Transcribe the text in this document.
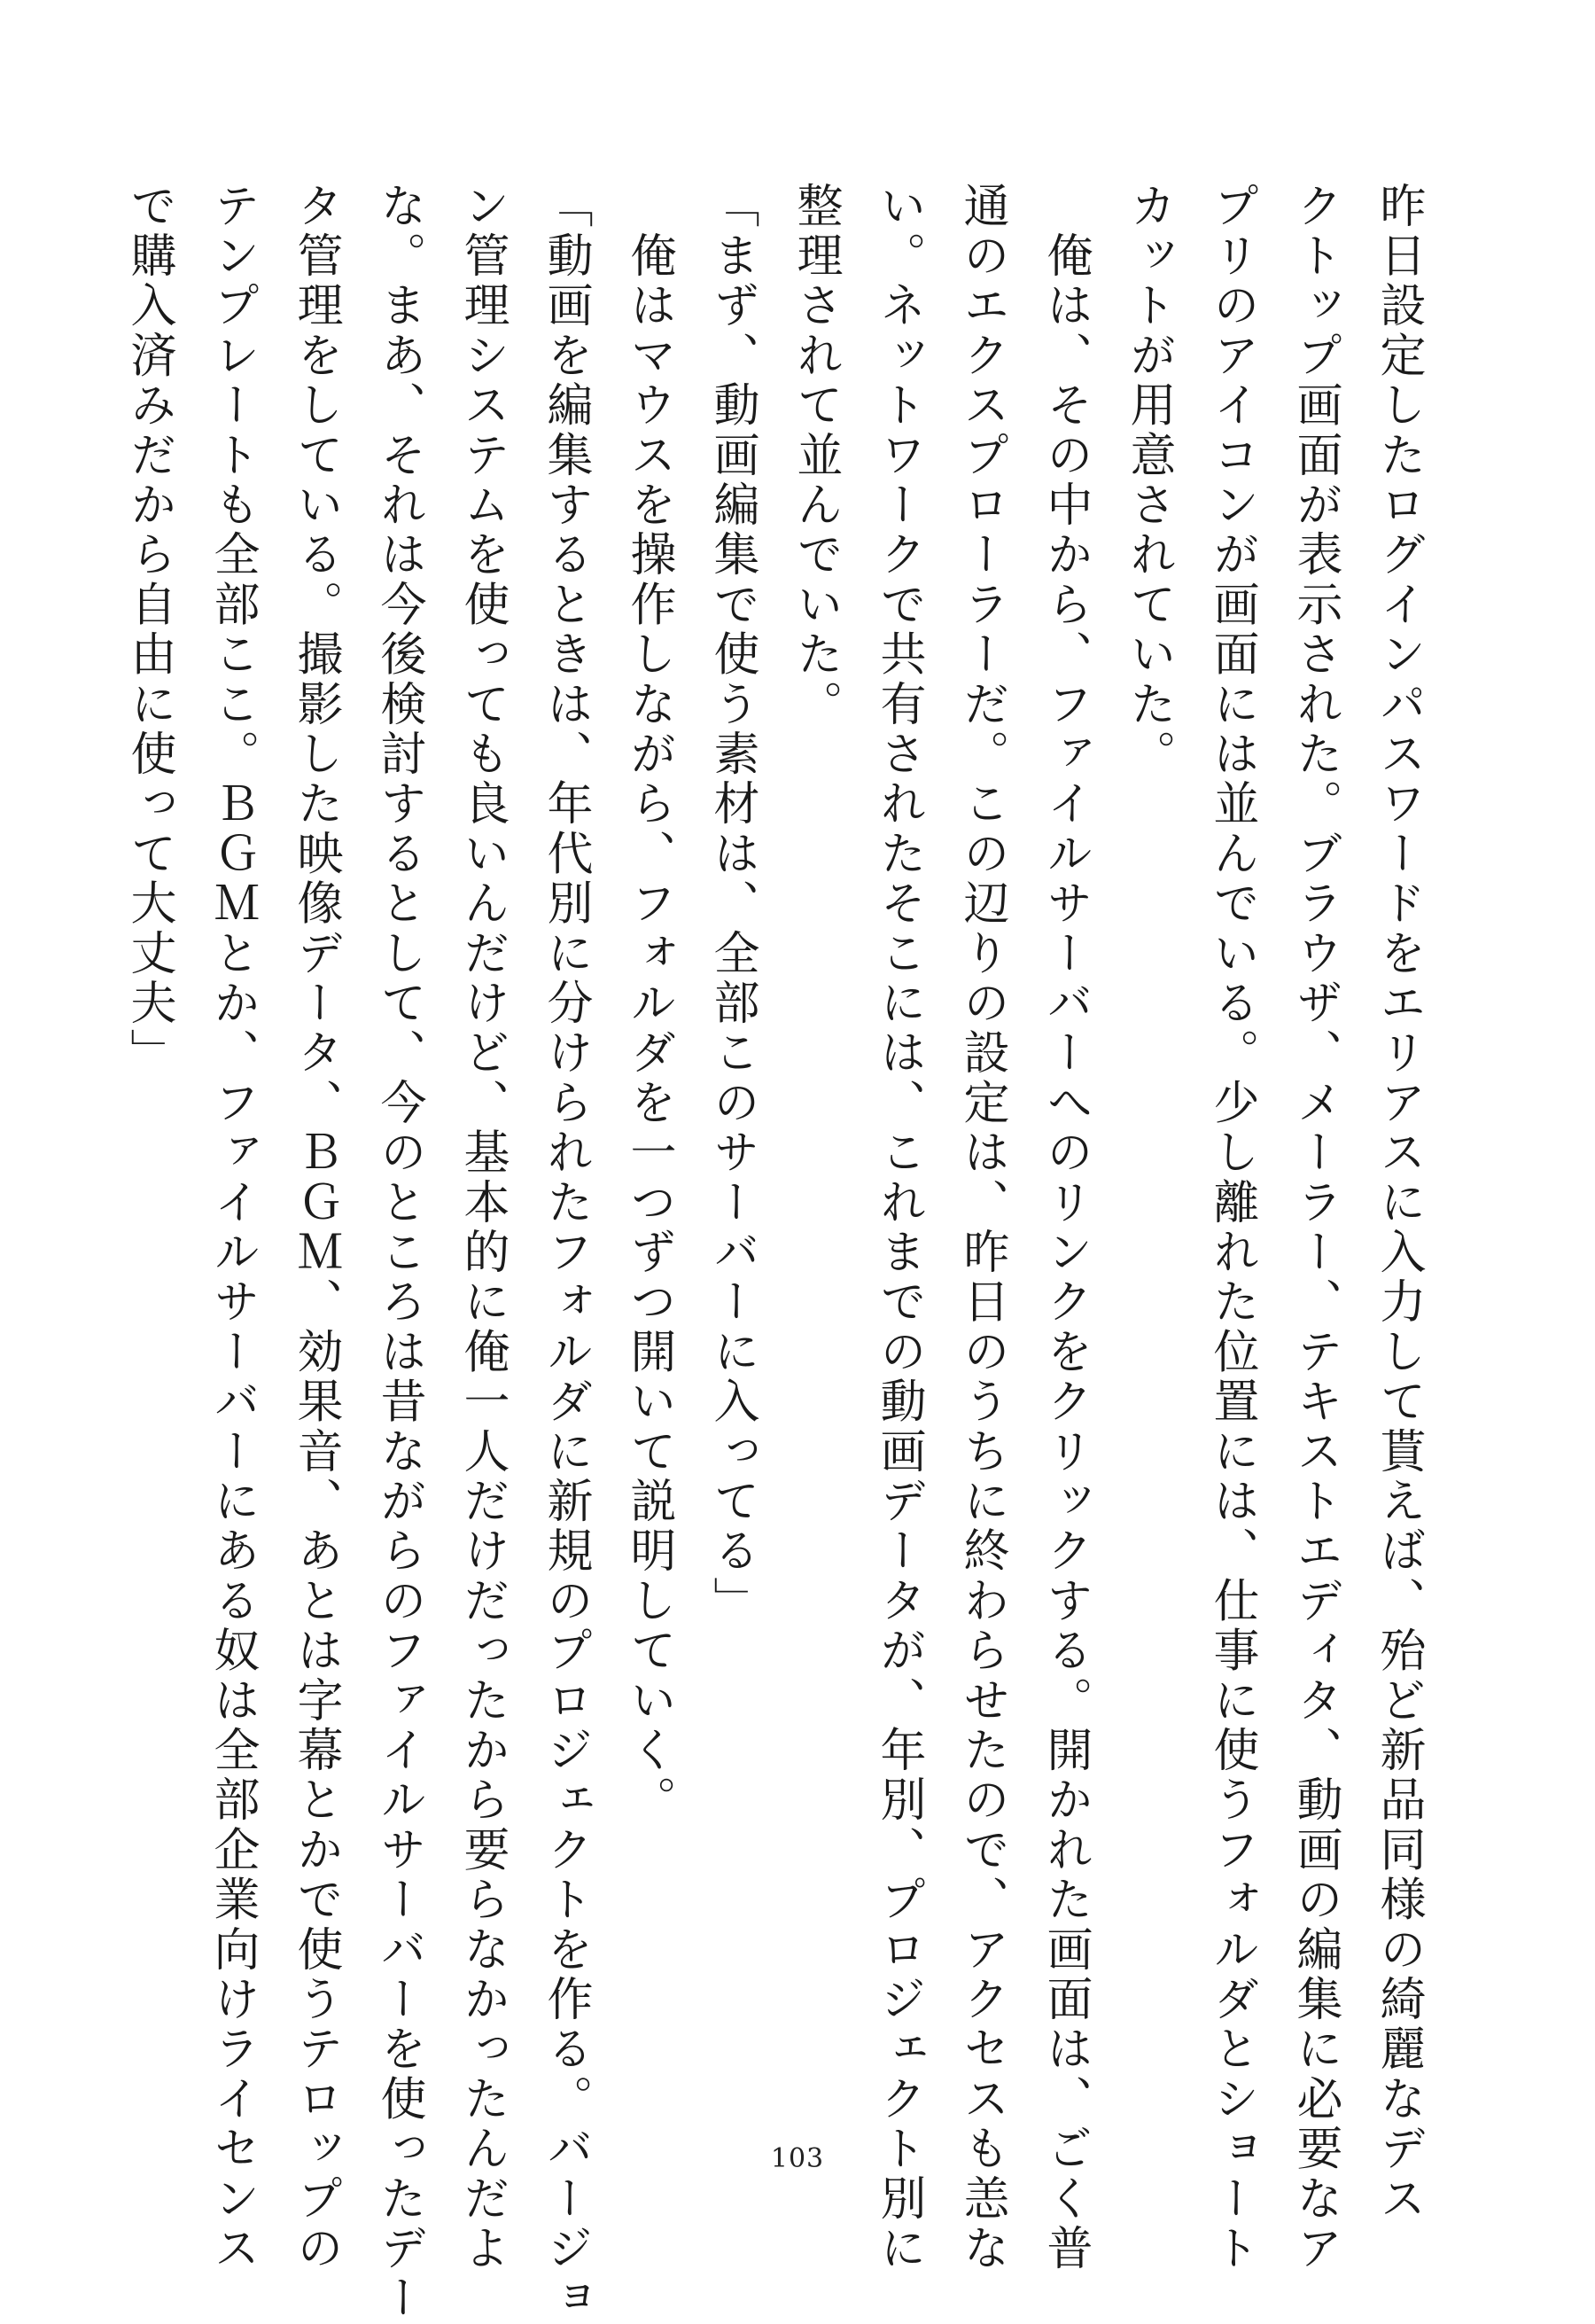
昨日設定したログインパスワードをエリアスに入力して貰えば、殆ど新品同様の綺麗なデス
クトップ画面が表示された。ブラウザ、メーラー、テキストエディタ、動画の編集に必要なア
プリのアイコンが画面には並んでいる。少し離れた位置には、仕事に使うフォルダとショート
カットが用意されていた。
　俺は、その中から、ファイルサーバーへのリンクをクリックする。開かれた画面は、ごく普
通のエクスプローラーだ。この辺りの設定は、昨日のうちに終わらせたので、アクセスも恙な
い。ネットワークで共有されたそこには、これまでの動画データが、年別、プロジェクト別に
整理されて並んでいた。
「まず、動画編集で使う素材は、全部このサーバーに入ってる」
　俺はマウスを操作しながら、フォルダを一つずつ開いて説明していく。
「動画を編集するときは、年代別に分けられたフォルダに新規のプロジェクトを作る。バージョ
ン管理システムを使っても良いんだけど、基本的に俺一人だけだったから要らなかったんだよ
な。まあ、それは今後検討するとして、今のところは昔ながらのファイルサーバーを使ったデー
タ管理をしている。撮影した映像データ、ＢＧＭ、効果音、あとは字幕とかで使うテロップの
テンプレートも全部ここ。ＢＧＭとか、ファイルサーバーにある奴は全部企業向けライセンス
で購入済みだから自由に使って大丈夫」
103
